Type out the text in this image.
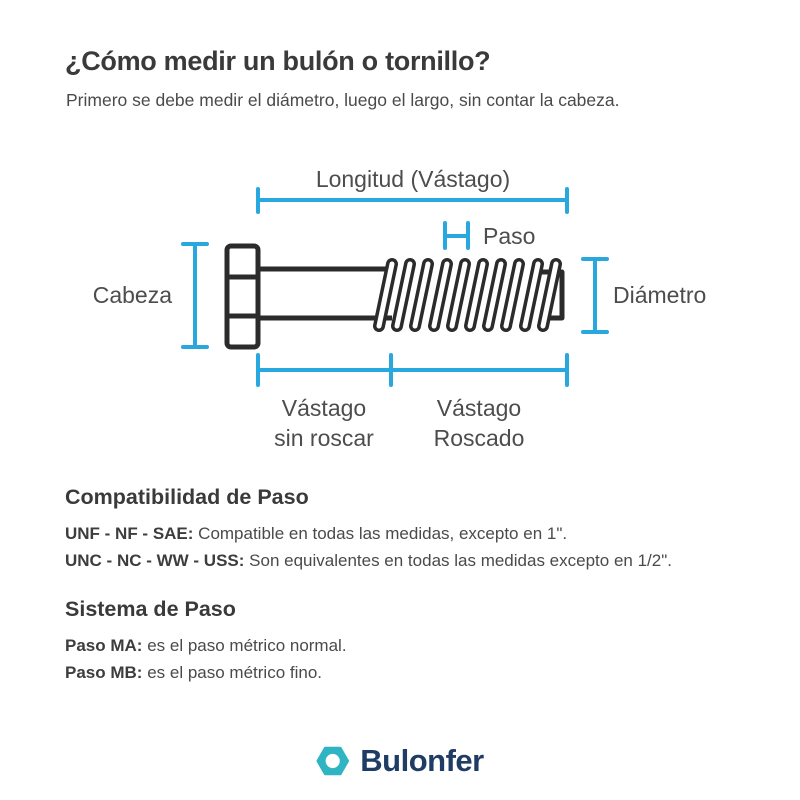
¿Cómo medir un bulón o tornillo?

Primero se debe medir el diámetro, luego el largo, sin contar la cabeza.

Longitud (Vástago)
Paso
Cabeza	Diámetro
Vástago
sin roscar
Vástago
Roscado
Compatibilidad de Paso

UNF - NF - SAE: Compatible en todas las medidas, excepto en 1".

UNC - NC - WW - USS: Son equivalentes en todas las medidas excepto en 1/2".

Sistema de Paso

Paso MA: es el paso métrico normal.

Paso MB: es el paso métrico fino.

Bulonfer
